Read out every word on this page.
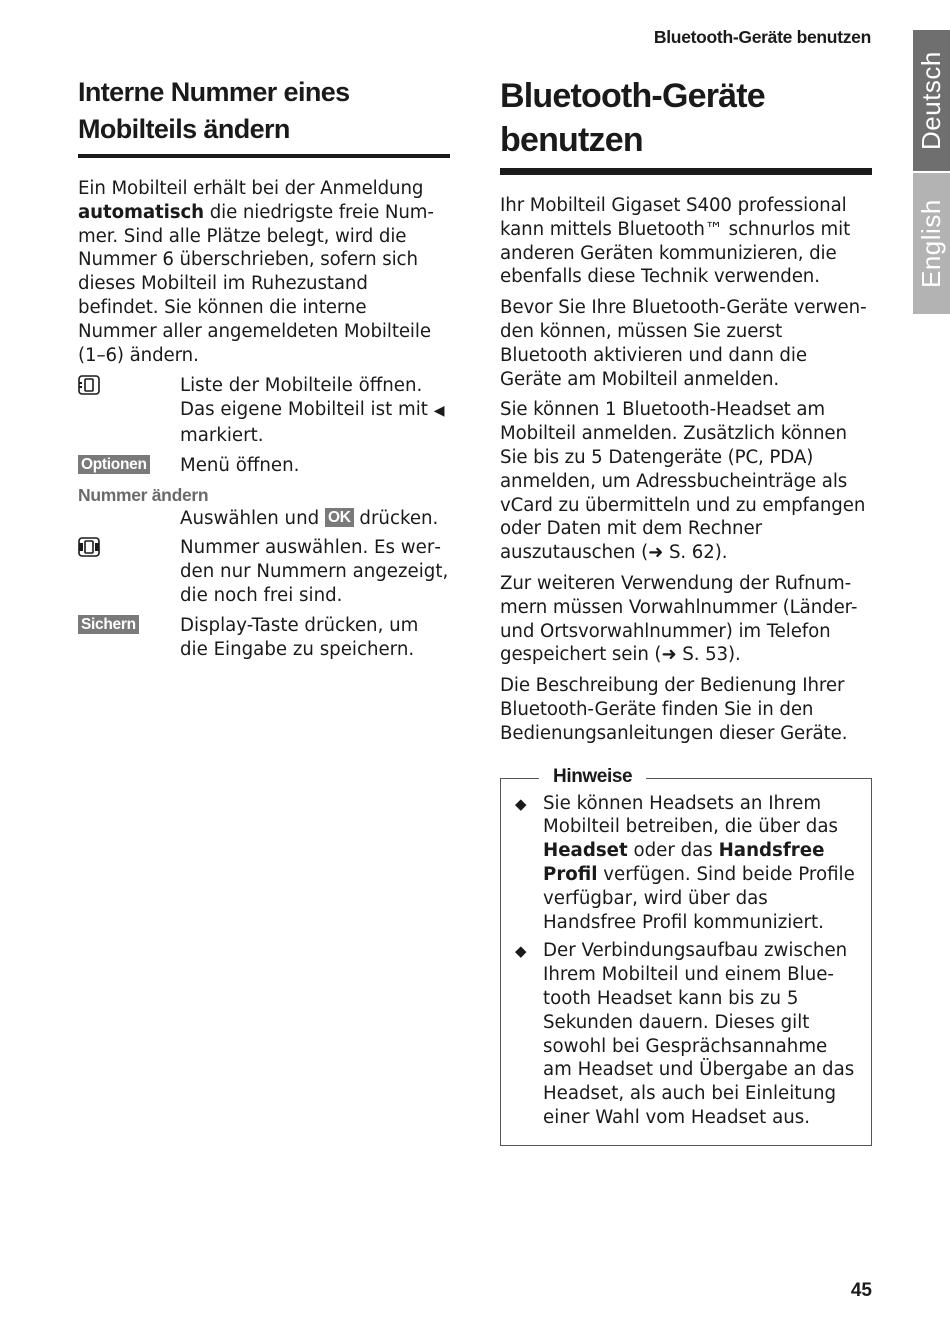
Bluetooth-Geräte benutzen
Deutsch
English
Interne Nummer eines Mobilteils ändern

Ein Mobilteil erhält bei der Anmeldung automatisch die niedrigste freie Nummer. Sind alle Plätze belegt, wird die Nummer 6 überschrieben, sofern sich dieses Mobilteil im Ruhezustand befindet. Sie können die interne Nummer aller angemeldeten Mobilteile (1–6) ändern.

Liste der Mobilteile öffnen. Das eigene Mobilteil ist mit ◀ markiert.
Optionen	Menü öffnen.
Nummer ändern
Auswählen und OK drücken.
Nummer auswählen. Es werden nur Nummern angezeigt, die noch frei sind.
Sichern	Display-Taste drücken, um die Eingabe zu speichern.
Bluetooth-Geräte benutzen

Ihr Mobilteil Gigaset S400 professional kann mittels Bluetooth™ schnurlos mit anderen Geräten kommunizieren, die ebenfalls diese Technik verwenden.

Bevor Sie Ihre Bluetooth-Geräte verwenden können, müssen Sie zuerst Bluetooth aktivieren und dann die Geräte am Mobilteil anmelden.

Sie können 1 Bluetooth-Headset am Mobilteil anmelden. Zusätzlich können Sie bis zu 5 Datengeräte (PC, PDA) anmelden, um Adressbucheinträge als vCard zu übermitteln und zu empfangen oder Daten mit dem Rechner auszutauschen (➜ S. 62).

Zur weiteren Verwendung der Rufnummern müssen Vorwahlnummer (Länder- und Ortsvorwahlnummer) im Telefon gespeichert sein (➜ S. 53).

Die Beschreibung der Bedienung Ihrer Bluetooth-Geräte finden Sie in den Bedienungsanleitungen dieser Geräte.

Hinweise
◆ Sie können Headsets an Ihrem Mobilteil betreiben, die über das Headset oder das Handsfree Profil verfügen. Sind beide Profile verfügbar, wird über das Handsfree Profil kommuniziert.
◆ Der Verbindungsaufbau zwischen Ihrem Mobilteil und einem Bluetooth Headset kann bis zu 5 Sekunden dauern. Dieses gilt sowohl bei Gesprächsannahme am Headset und Übergabe an das Headset, als auch bei Einleitung einer Wahl vom Headset aus.
45
